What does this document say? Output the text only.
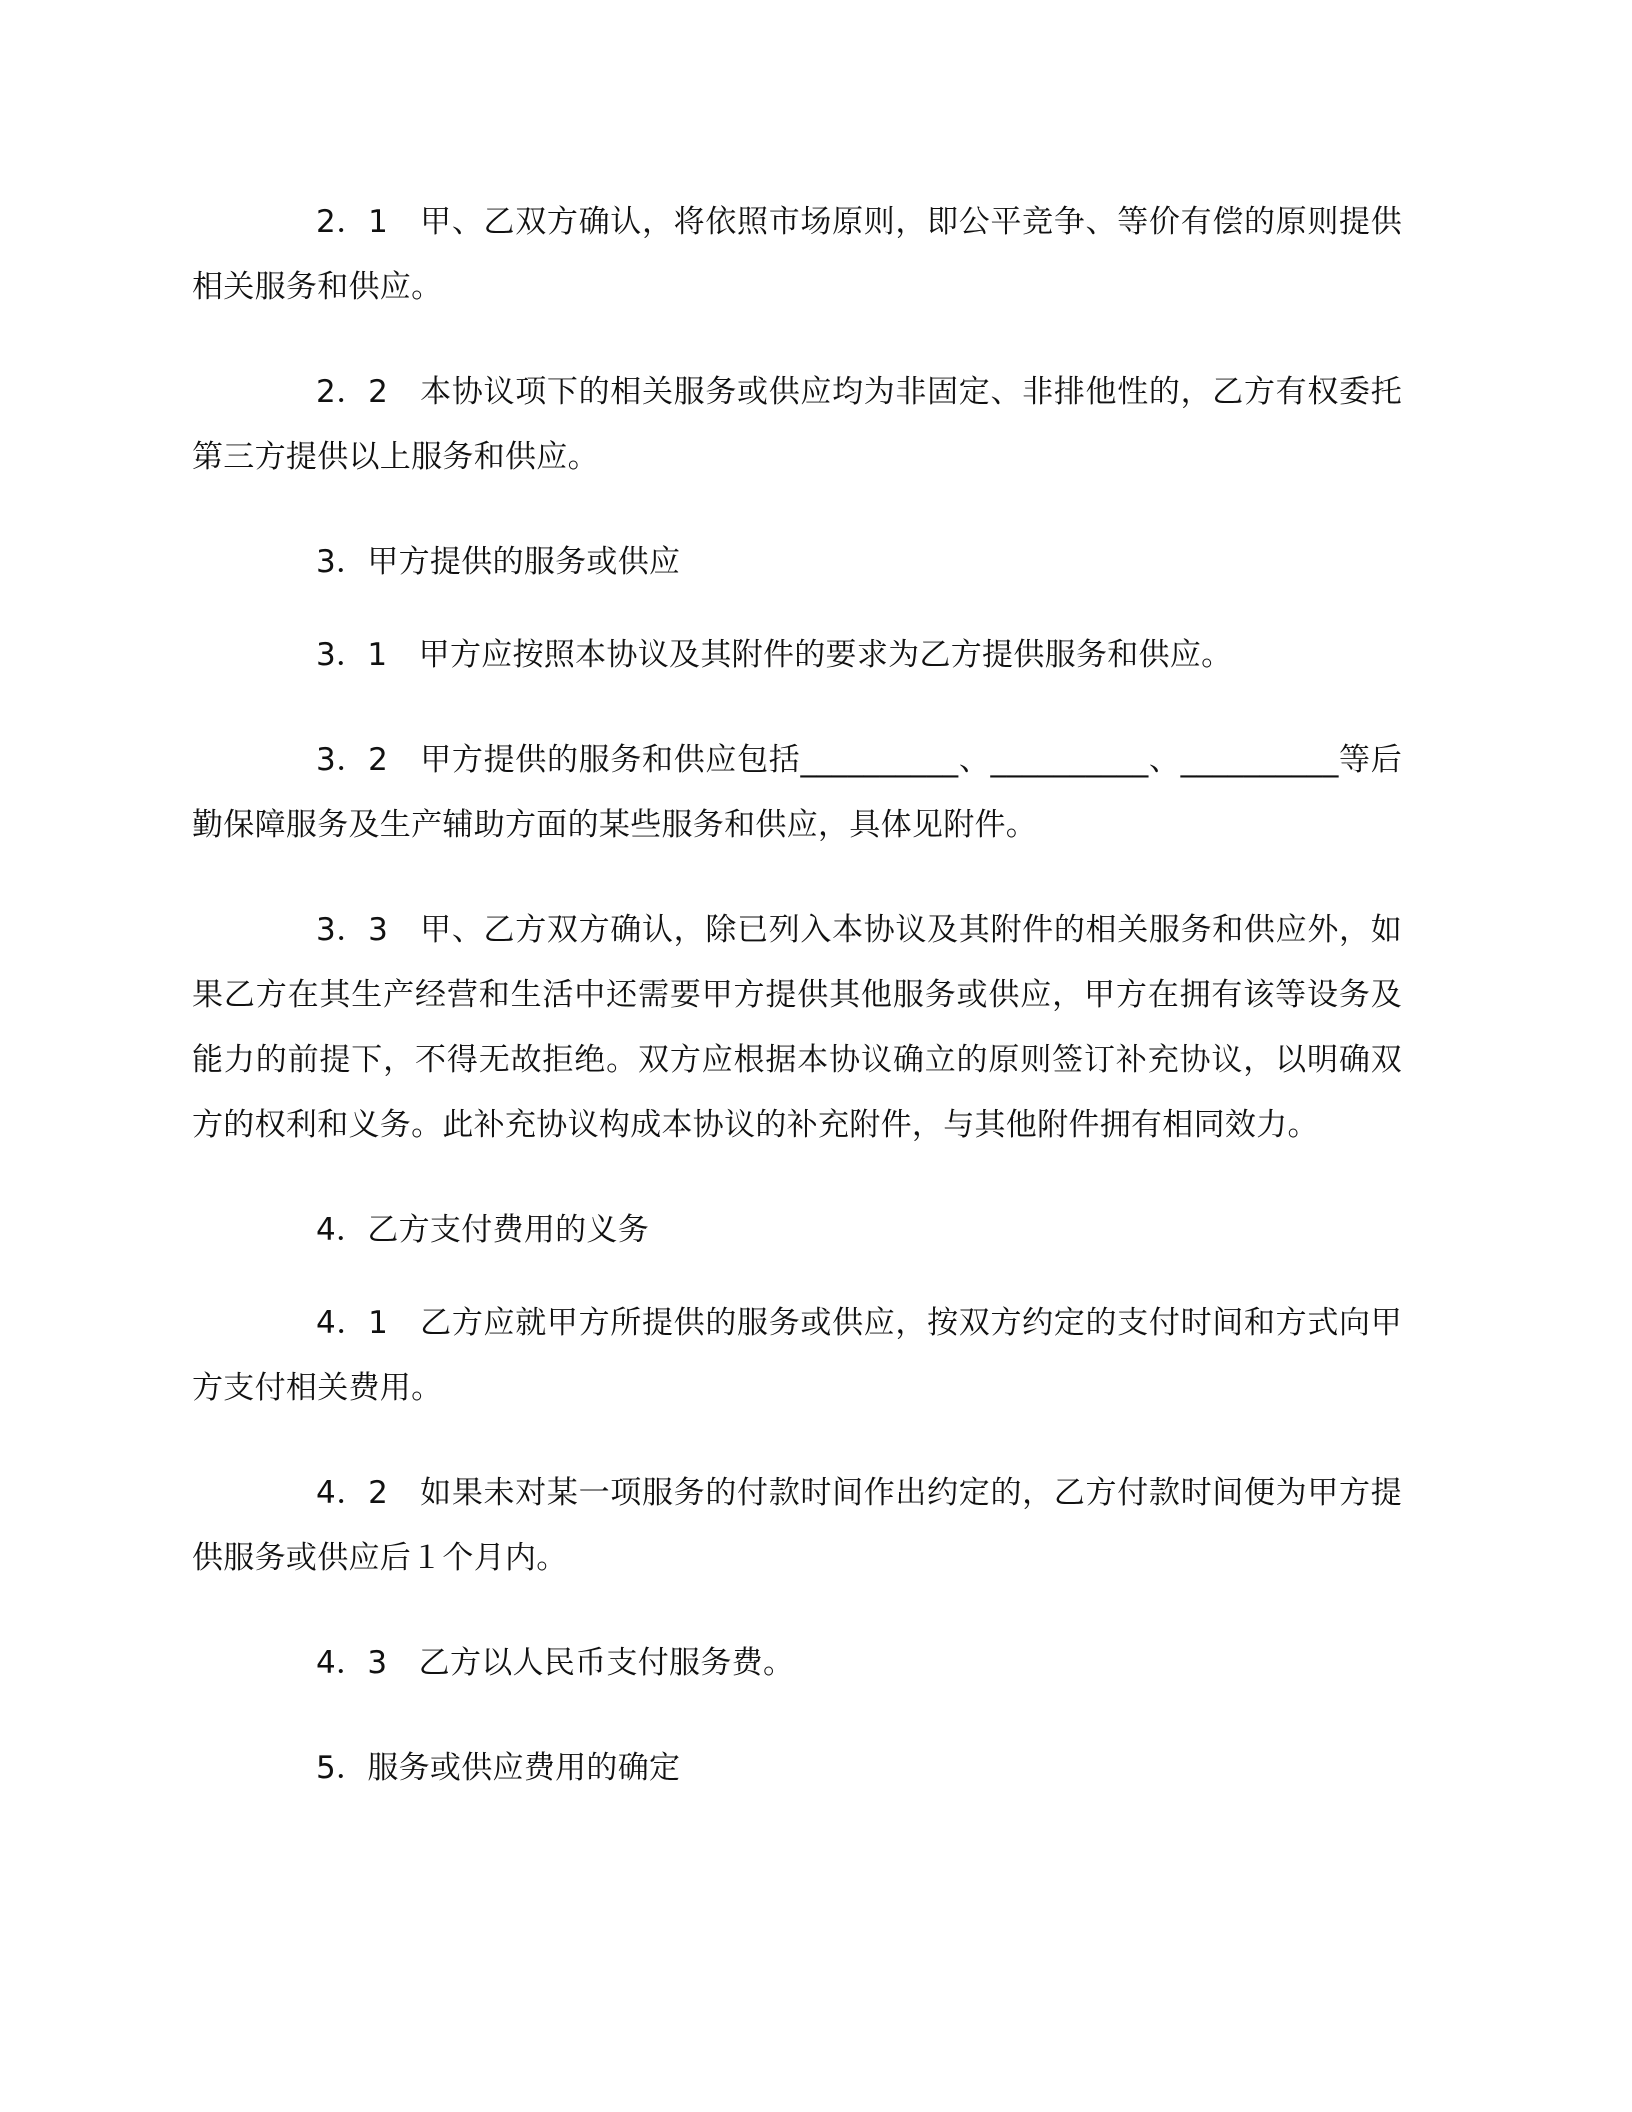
2．1　甲、乙双方确认，将依照市场原则，即公平竞争、等价有偿的原则提供相关服务和供应。

2．2　本协议项下的相关服务或供应均为非固定、非排他性的，乙方有权委托第三方提供以上服务和供应。

3．甲方提供的服务或供应

3．1　甲方应按照本协议及其附件的要求为乙方提供服务和供应。

3．2　甲方提供的服务和供应包括__________、__________、__________等后勤保障服务及生产辅助方面的某些服务和供应，具体见附件。

3．3　甲、乙方双方确认，除已列入本协议及其附件的相关服务和供应外，如果乙方在其生产经营和生活中还需要甲方提供其他服务或供应，甲方在拥有该等设务及能力的前提下，不得无故拒绝。双方应根据本协议确立的原则签订补充协议，以明确双方的权利和义务。此补充协议构成本协议的补充附件，与其他附件拥有相同效力。

4．乙方支付费用的义务

4．1　乙方应就甲方所提供的服务或供应，按双方约定的支付时间和方式向甲方支付相关费用。

4．2　如果未对某一项服务的付款时间作出约定的，乙方付款时间便为甲方提供服务或供应后１个月内。

4．3　乙方以人民币支付服务费。

5．服务或供应费用的确定
